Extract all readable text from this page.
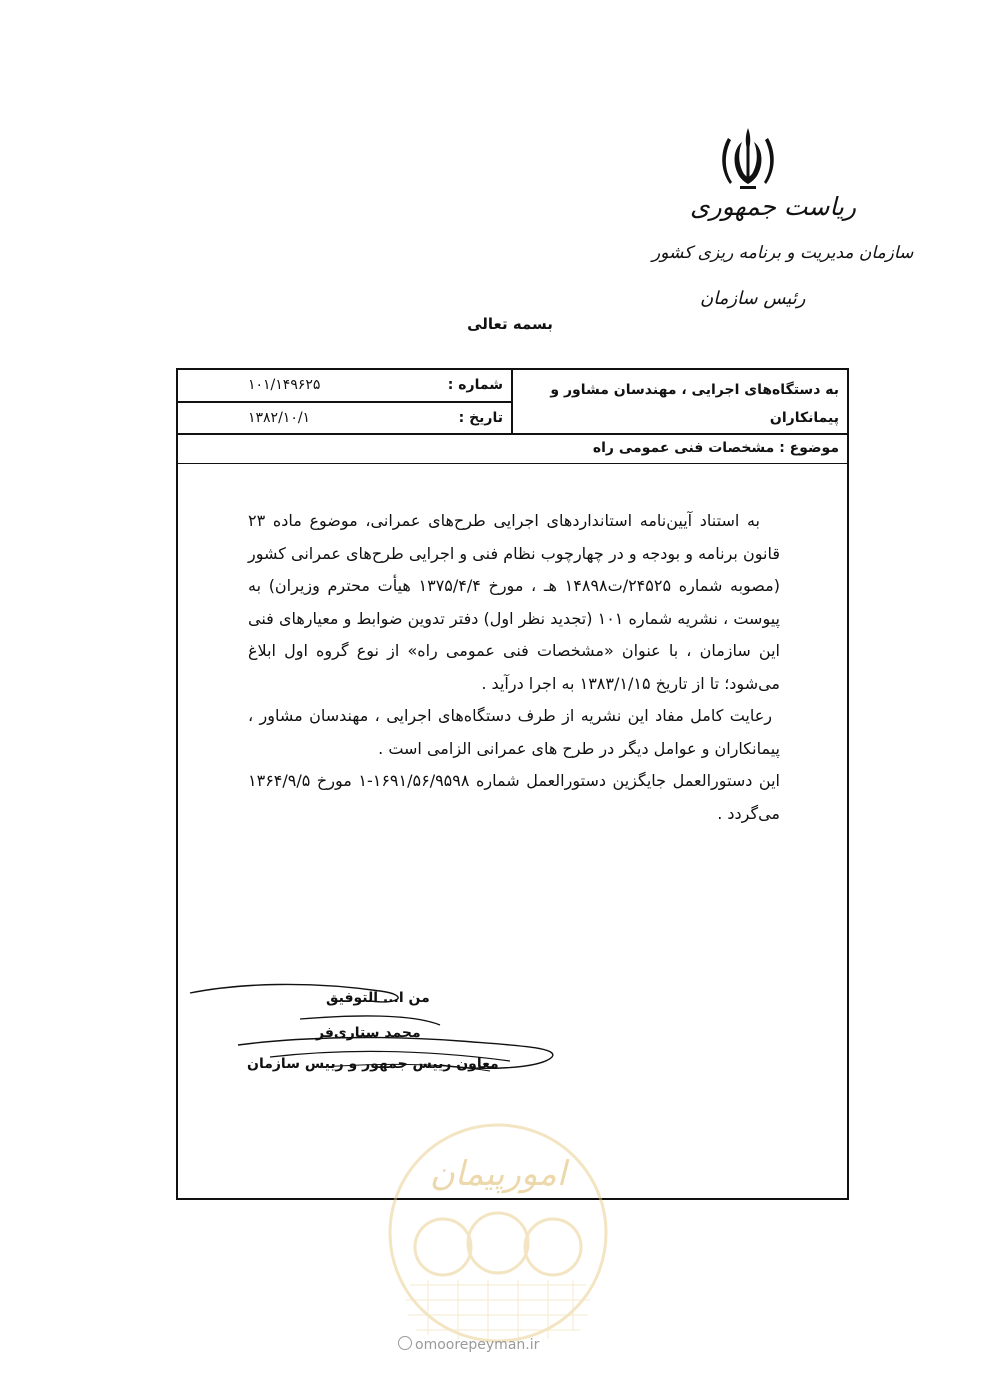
ریاست جمهوری
سازمان مدیریت و برنامه ریزی کشور
رئیس سازمان
بسمه تعالی
به دستگاه‌های اجرایی ، مهندسان مشاور و پیمانکاران
شماره :
۱۰۱/۱۴۹۶۲۵
تاریخ :
۱۳۸۲/۱۰/۱
موضوع : مشخصات فنی عمومی راه

به استناد آیین‌نامه استانداردهای اجرایی طرح‌های عمرانی، موضوع ماده ۲۳ قانون برنامه و بودجه و در چهارچوب نظام فنی و اجرایی طرح‌های عمرانی کشور (مصوبه شماره ۲۴۵۲۵/ت۱۴۸۹۸ هـ ، مورخ ۱۳۷۵/۴/۴ هیأت محترم وزیران) به پیوست ، نشریه شماره ۱۰۱ (تجدید نظر اول) دفتر تدوین ضوابط و معیارهای فنی این سازمان ، با عنوان «مشخصات فنی عمومی راه» از نوع گروه اول ابلاغ می‌شود؛ تا از تاریخ ۱۳۸۳/۱/۱۵ به اجرا درآید .

رعایت کامل مفاد این نشریه از طرف دستگاه‌های اجرایی ، مهندسان مشاور ، پیمانکاران و عوامل دیگر در طرح های عمرانی الزامی است .

این دستورالعمل جایگزین دستورالعمل شماره ۱۶۹۱/۵۶/۹۵۹۸-۱ مورخ ۱۳۶۴/۹/۵ می‌گردد .

من ا... التوفیق
محمد ستاری‌فر
معاون رییس جمهور و رییس سازمان
امورپیمان
omoorepeyman.ir
